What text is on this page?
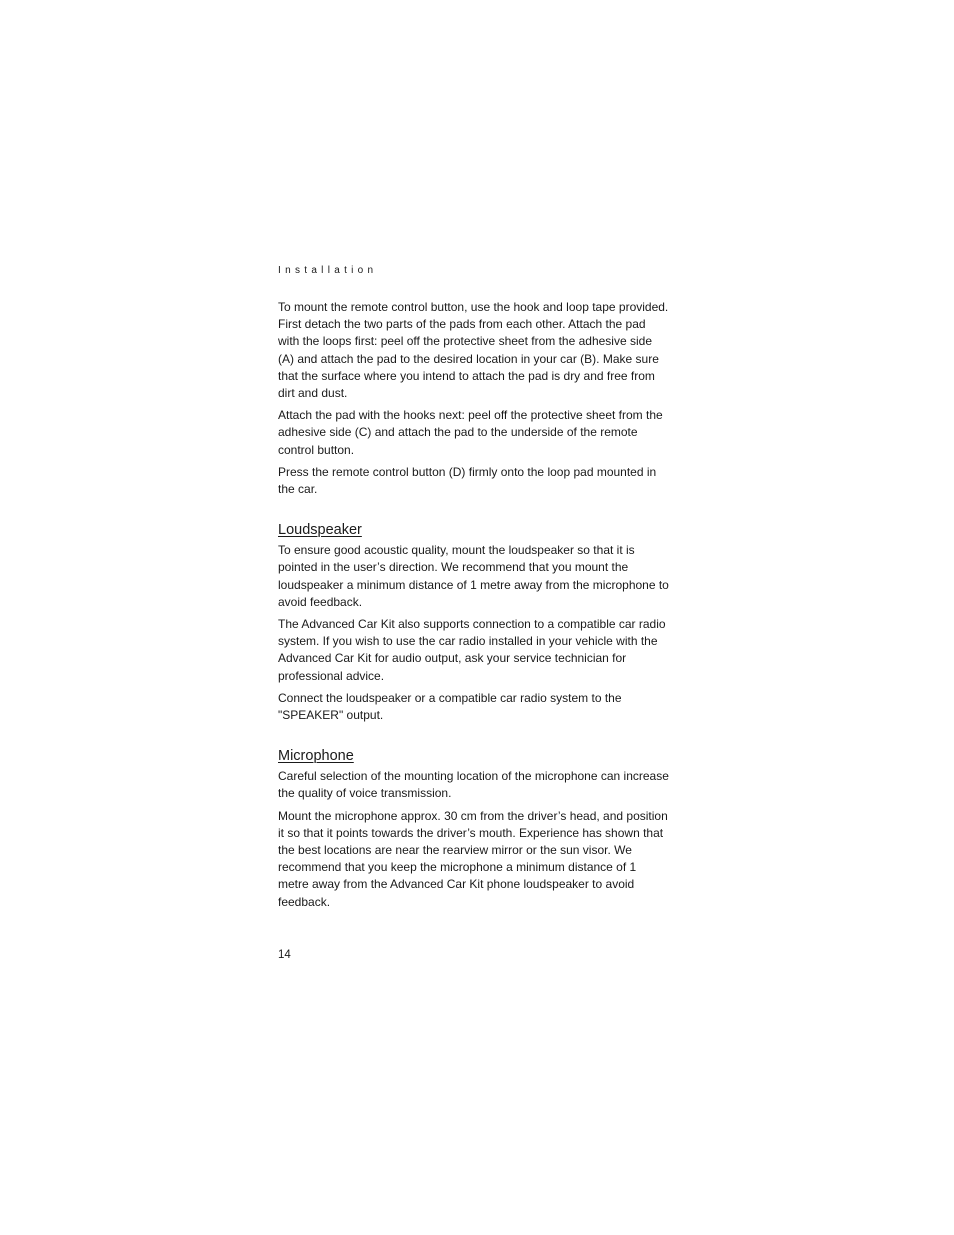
Installation

To mount the remote control button, use the hook and loop tape provided. First detach the two parts of the pads from each other. Attach the pad with the loops first: peel off the protective sheet from the adhesive side (A) and attach the pad to the desired location in your car (B). Make sure that the surface where you intend to attach the pad is dry and free from dirt and dust.

Attach the pad with the hooks next: peel off the protective sheet from the adhesive side (C) and attach the pad to the underside of the remote control button.

Press the remote control button (D) firmly onto the loop pad mounted in the car.

Loudspeaker

To ensure good acoustic quality, mount the loudspeaker so that it is pointed in the user’s direction. We recommend that you mount the loudspeaker a minimum distance of 1 metre away from the microphone to avoid feedback.

The Advanced Car Kit also supports connection to a compatible car radio system. If you wish to use the car radio installed in your vehicle with the Advanced Car Kit for audio output, ask your service technician for professional advice.

Connect the loudspeaker or a compatible car radio system to the "SPEAKER" output.

Microphone

Careful selection of the mounting location of the microphone can increase the quality of voice transmission.

Mount the microphone approx. 30 cm from the driver’s head, and position it so that it points towards the driver’s mouth. Experience has shown that the best locations are near the rearview mirror or the sun visor. We recommend that you keep the microphone a minimum distance of 1 metre away from the Advanced Car Kit phone loudspeaker to avoid feedback.

14
